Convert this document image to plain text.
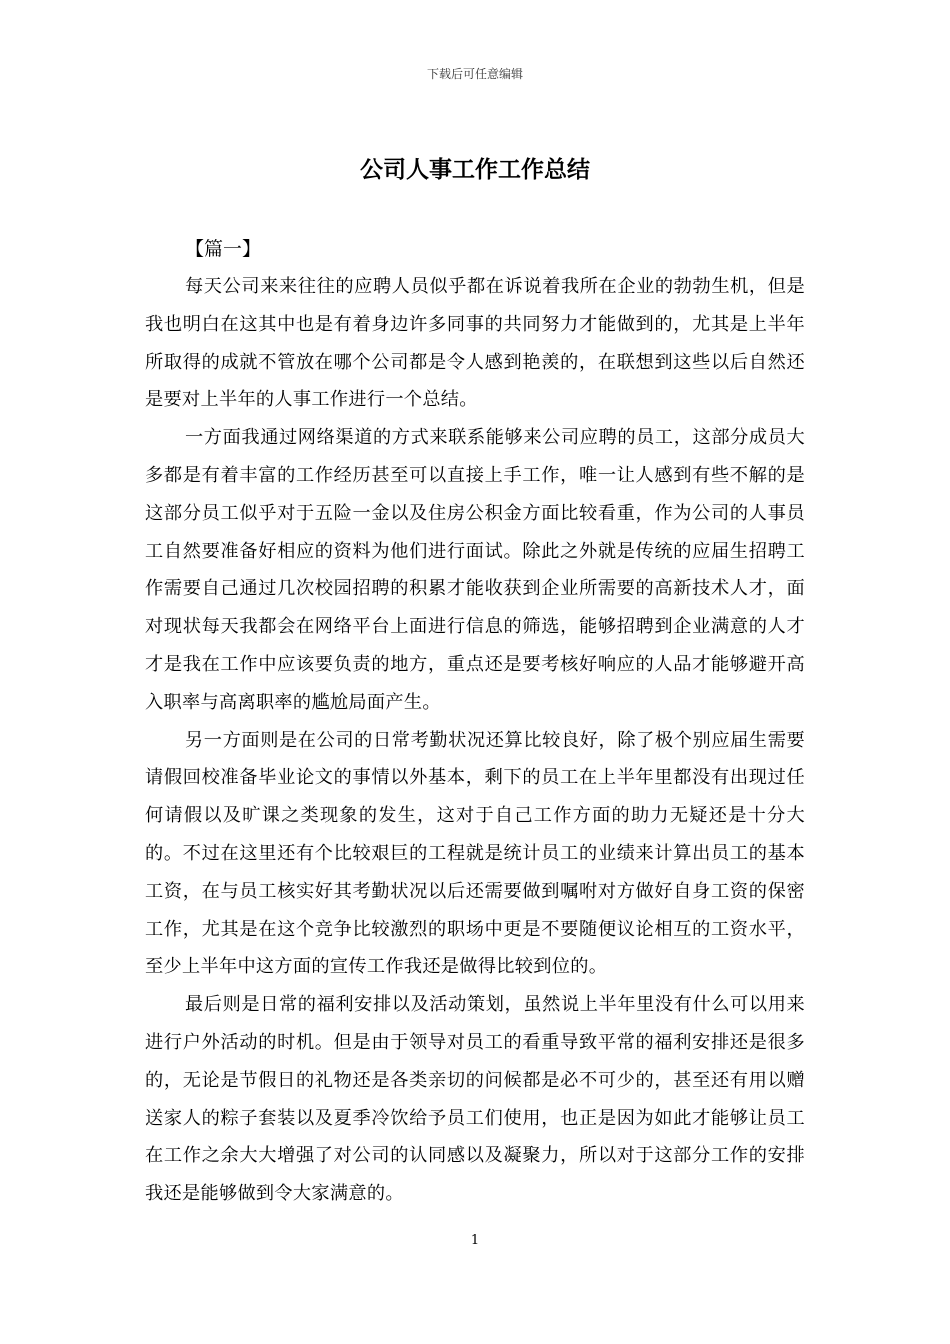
下载后可任意编辑
公司人事工作工作总结

【篇一】

每天公司来来往往的应聘人员似乎都在诉说着我所在企业的勃勃生机，但是我也明白在这其中也是有着身边许多同事的共同努力才能做到的，尤其是上半年所取得的成就不管放在哪个公司都是令人感到艳羡的，在联想到这些以后自然还是要对上半年的人事工作进行一个总结。

一方面我通过网络渠道的方式来联系能够来公司应聘的员工，这部分成员大多都是有着丰富的工作经历甚至可以直接上手工作，唯一让人感到有些不解的是这部分员工似乎对于五险一金以及住房公积金方面比较看重，作为公司的人事员工自然要准备好相应的资料为他们进行面试。除此之外就是传统的应届生招聘工作需要自己通过几次校园招聘的积累才能收获到企业所需要的高新技术人才，面对现状每天我都会在网络平台上面进行信息的筛选，能够招聘到企业满意的人才才是我在工作中应该要负责的地方，重点还是要考核好响应的人品才能够避开高入职率与高离职率的尴尬局面产生。

另一方面则是在公司的日常考勤状况还算比较良好，除了极个别应届生需要请假回校准备毕业论文的事情以外基本，剩下的员工在上半年里都没有出现过任何请假以及旷课之类现象的发生，这对于自己工作方面的助力无疑还是十分大的。不过在这里还有个比较艰巨的工程就是统计员工的业绩来计算出员工的基本工资，在与员工核实好其考勤状况以后还需要做到嘱咐对方做好自身工资的保密工作，尤其是在这个竞争比较激烈的职场中更是不要随便议论相互的工资水平，至少上半年中这方面的宣传工作我还是做得比较到位的。

最后则是日常的福利安排以及活动策划，虽然说上半年里没有什么可以用来进行户外活动的时机。但是由于领导对员工的看重导致平常的福利安排还是很多的，无论是节假日的礼物还是各类亲切的问候都是必不可少的，甚至还有用以赠送家人的粽子套装以及夏季冷饮给予员工们使用，也正是因为如此才能够让员工在工作之余大大增强了对公司的认同感以及凝聚力，所以对于这部分工作的安排我还是能够做到令大家满意的。

1
